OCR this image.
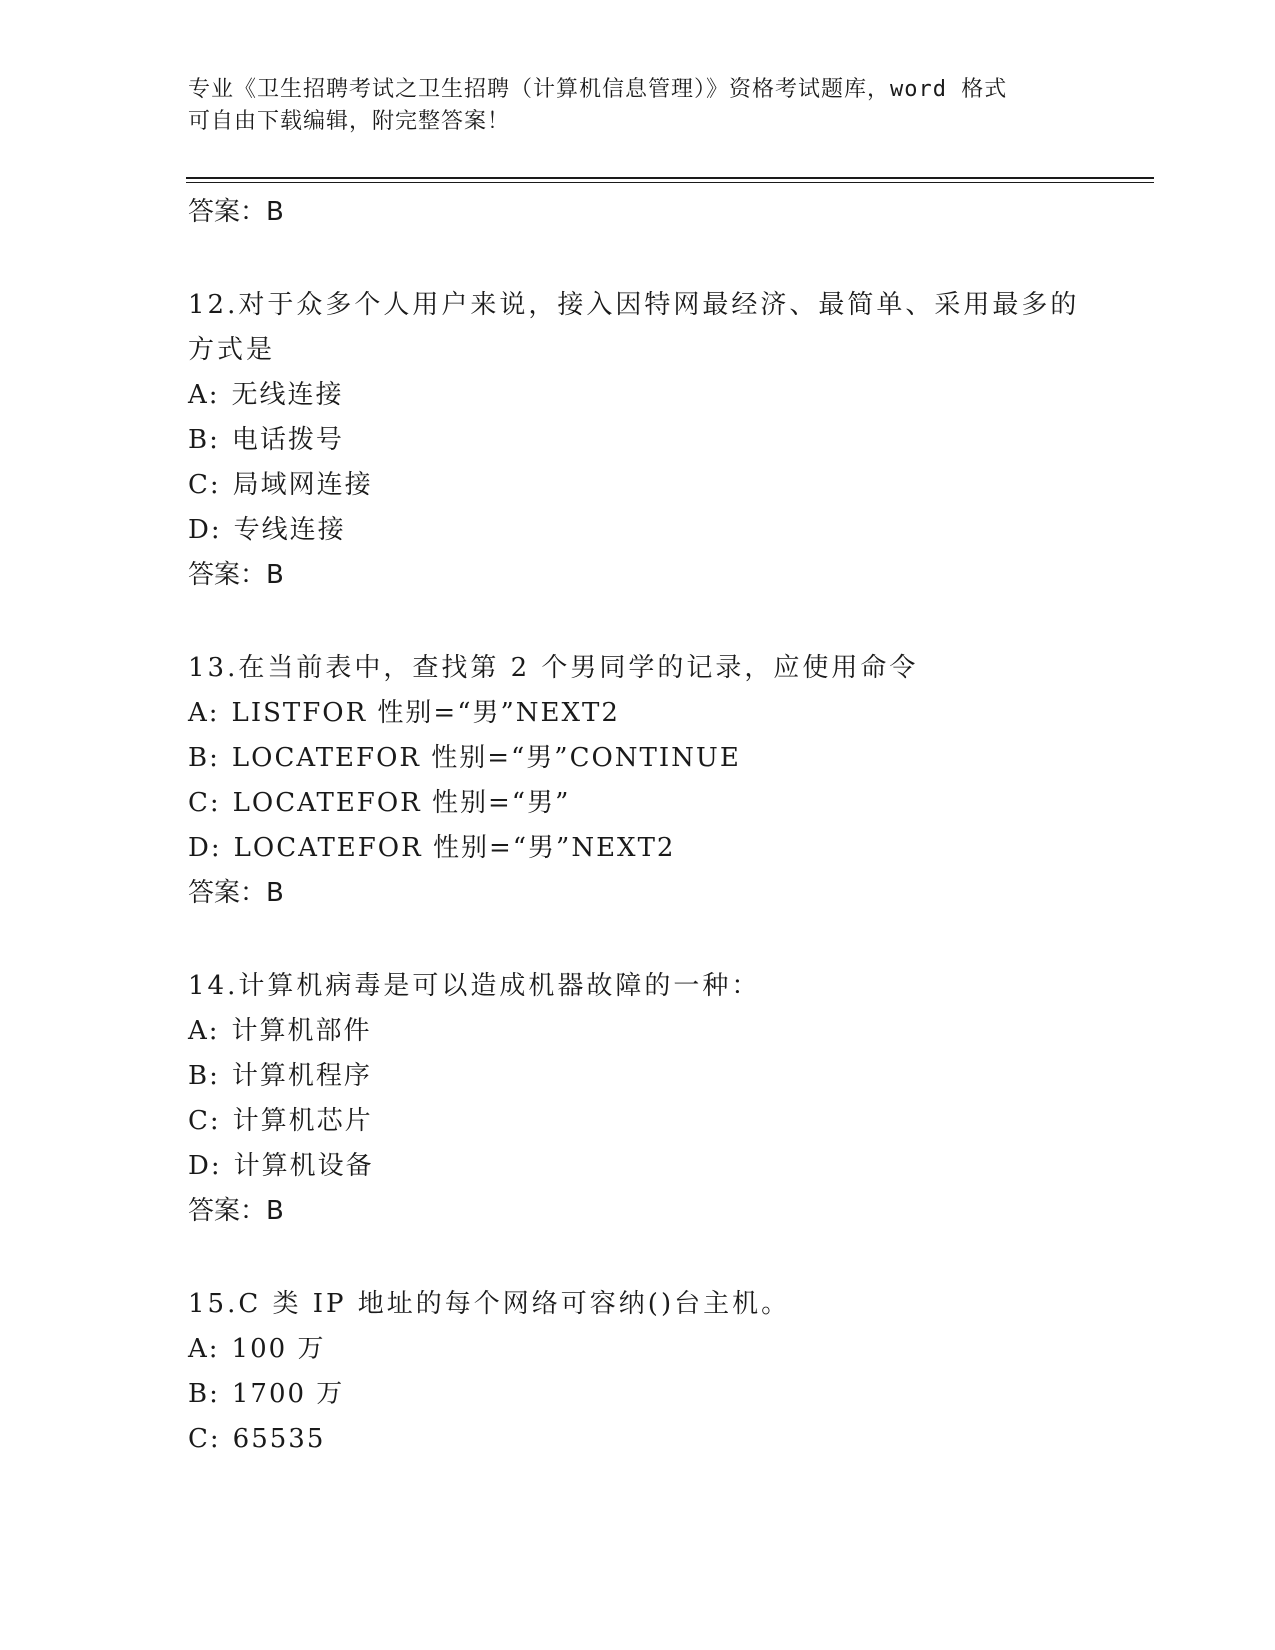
专业《卫生招聘考试之卫生招聘（计算机信息管理）》资格考试题库，word 格式
可自由下载编辑，附完整答案！
答案：B
12.对于众多个人用户来说，接入因特网最经济、最简单、采用最多的
方式是
A: 无线连接
B: 电话拨号
C: 局域网连接
D: 专线连接
答案：B
13.在当前表中，查找第 2 个男同学的记录，应使用命令
A: LISTFOR 性别=“男”NEXT2
B: LOCATEFOR 性别=“男”CONTINUE
C: LOCATEFOR 性别=“男”
D: LOCATEFOR 性别=“男”NEXT2
答案：B
14.计算机病毒是可以造成机器故障的一种：
A: 计算机部件
B: 计算机程序
C: 计算机芯片
D: 计算机设备
答案：B
15.C 类 IP 地址的每个网络可容纳()台主机。
A: 100 万
B: 1700 万
C: 65535
